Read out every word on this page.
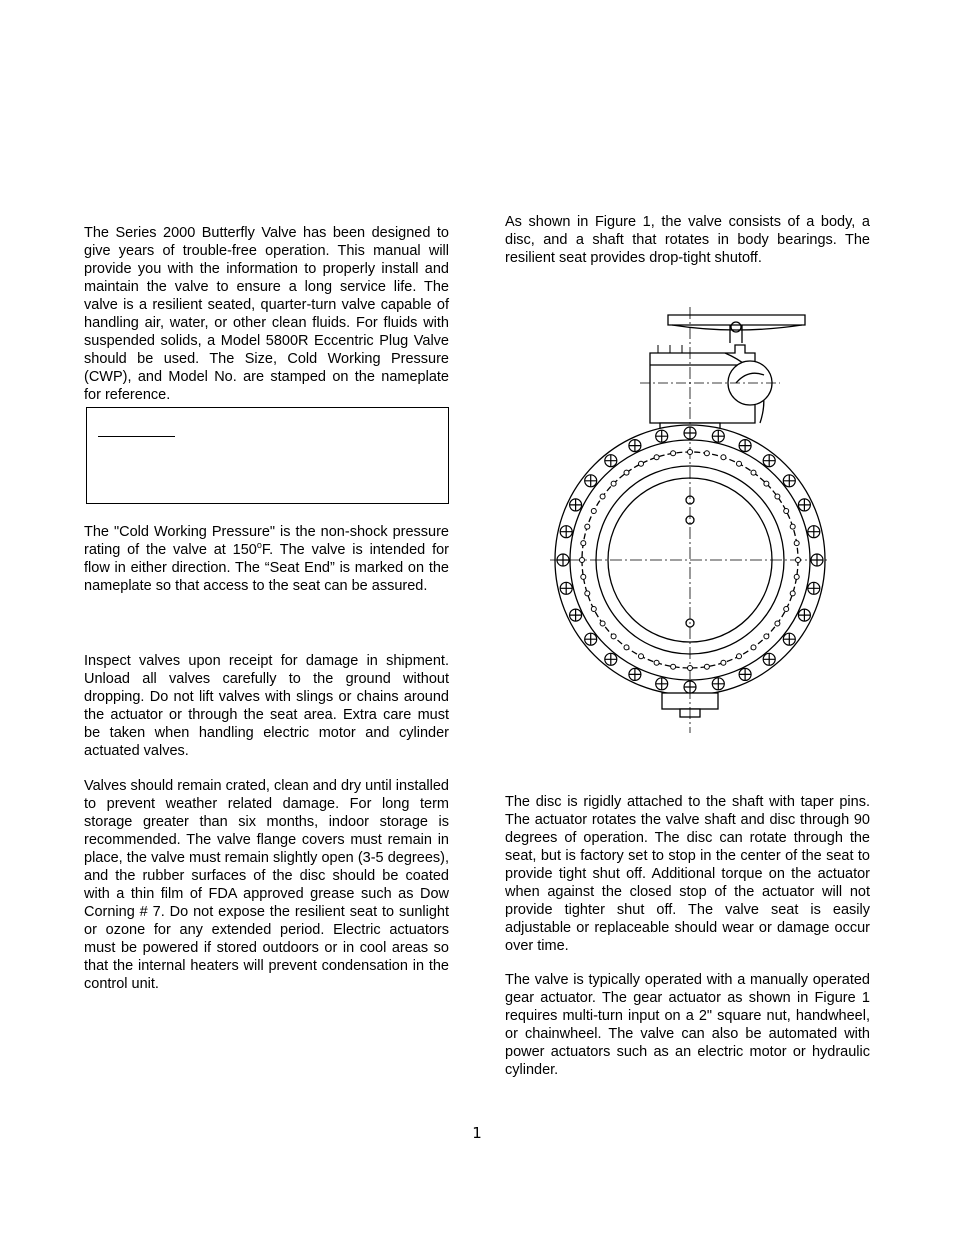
The Series 2000 Butterfly Valve has been designed to give years of trouble-free operation. This manual will provide you with the information to properly install and maintain the valve to ensure a long service life. The valve is a resilient seated, quarter-turn valve capable of handling air, water, or other clean fluids. For fluids with suspended solids, a Model 5800R Eccentric Plug Valve should be used. The Size, Cold Working Pressure (CWP), and Model No. are stamped on the nameplate for reference.

The "Cold Working Pressure" is the non-shock pressure rating of the valve at 150$^o$F. The valve is intended for flow in either direction. The “Seat End” is marked on the nameplate so that access to the seat can be assured.

Inspect valves upon receipt for damage in shipment. Unload all valves carefully to the ground without dropping. Do not lift valves with slings or chains around the actuator or through the seat area. Extra care must be taken when handling electric motor and cylinder actuated valves.

Valves should remain crated, clean and dry until installed to prevent weather related damage. For long term storage greater than six months, indoor storage is recommended. The valve flange covers must remain in place, the valve must remain slightly open (3-5 degrees), and the rubber surfaces of the disc should be coated with a thin film of FDA approved grease such as Dow Corning # 7. Do not expose the resilient seat to sunlight or ozone for any extended period. Electric actuators must be powered if stored outdoors or in cool areas so that the internal heaters will prevent condensation in the control unit.

As shown in Figure 1, the valve consists of a body, a disc, and a shaft that rotates in body bearings. The resilient seat provides drop-tight shutoff.

The disc is rigidly attached to the shaft with taper pins. The actuator rotates the valve shaft and disc through 90 degrees of operation. The disc can rotate through the seat, but is factory set to stop in the center of the seat to provide tight shut off. Additional torque on the actuator when against the closed stop of the actuator will not provide tighter shut off. The valve seat is easily adjustable or replaceable should wear or damage occur over time.

The valve is typically operated with a manually operated gear actuator. The gear actuator as shown in Figure 1 requires multi-turn input on a 2" square nut, handwheel, or chainwheel. The valve can also be automated with power actuators such as an electric motor or hydraulic cylinder.

1
